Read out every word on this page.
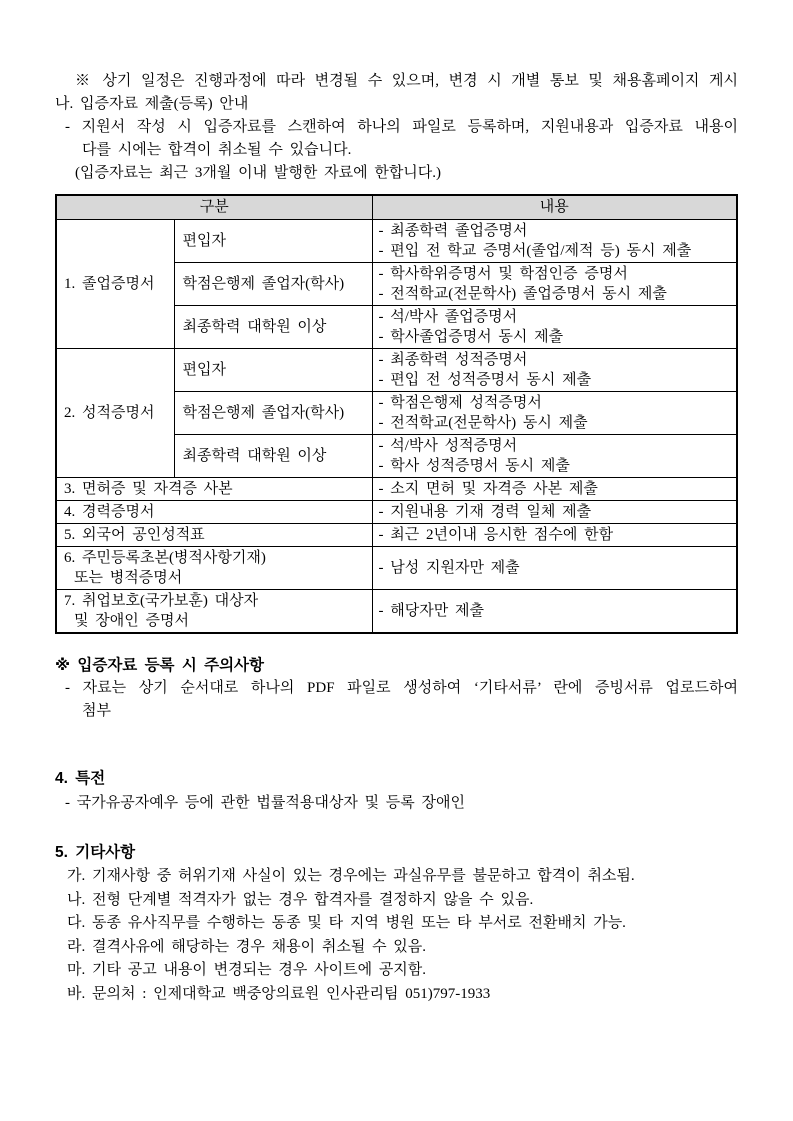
※ 상기 일정은 진행과정에 따라 변경될 수 있으며, 변경 시 개별 통보 및 채용홈페이지 게시

나. 입증자료 제출(등록) 안내

- 지원서 작성 시 입증자료를 스캔하여 하나의 파일로 등록하며, 지원내용과 입증자료 내용이

다를 시에는 합격이 취소될 수 있습니다.

(입증자료는 최근 3개월 이내 발행한 자료에 한합니다.)

구분		내용
1. 졸업증명서	편입자	- 최종학력 졸업증명서
- 편입 전 학교 증명서(졸업/제적 등) 동시 제출

	학점은행제 졸업자(학사)	- 학사학위증명서 및 학점인증 증명서
- 전적학교(전문학사) 졸업증명서 동시 제출

	최종학력 대학원 이상	- 석/박사 졸업증명서
- 학사졸업증명서 동시 제출

2. 성적증명서	편입자	- 최종학력 성적증명서
- 편입 전 성적증명서 동시 제출

	학점은행제 졸업자(학사)	- 학점은행제 성적증명서
- 전적학교(전문학사) 동시 제출

	최종학력 대학원 이상	- 석/박사 성적증명서
- 학사 성적증명서 동시 제출

3. 면허증 및 자격증 사본		- 소지 면허 및 자격증 사본 제출

4. 경력증명서		- 지원내용 기재 경력 일체 제출

5. 외국어 공인성적표		- 최근 2년이내 응시한 점수에 한함

6. 주민등록초본(병적사항기재)
또는 병적증명서		- 남성 지원자만 제출

7. 취업보호(국가보훈) 대상자
및 장애인 증명서		- 해당자만 제출

※ 입증자료 등록 시 주의사항

- 자료는 상기 순서대로 하나의 PDF 파일로 생성하여 ‘기타서류’ 란에 증빙서류 업로드하여

첨부

4. 특전

- 국가유공자예우 등에 관한 법률적용대상자 및 등록 장애인

5. 기타사항

가. 기재사항 중 허위기재 사실이 있는 경우에는 과실유무를 불문하고 합격이 취소됨.

나. 전형 단계별 적격자가 없는 경우 합격자를 결정하지 않을 수 있음.

다. 동종 유사직무를 수행하는 동종 및 타 지역 병원 또는 타 부서로 전환배치 가능.

라. 결격사유에 해당하는 경우 채용이 취소될 수 있음.

마. 기타 공고 내용이 변경되는 경우 사이트에 공지함.

바. 문의처 : 인제대학교 백중앙의료원 인사관리팀 051)797-1933
